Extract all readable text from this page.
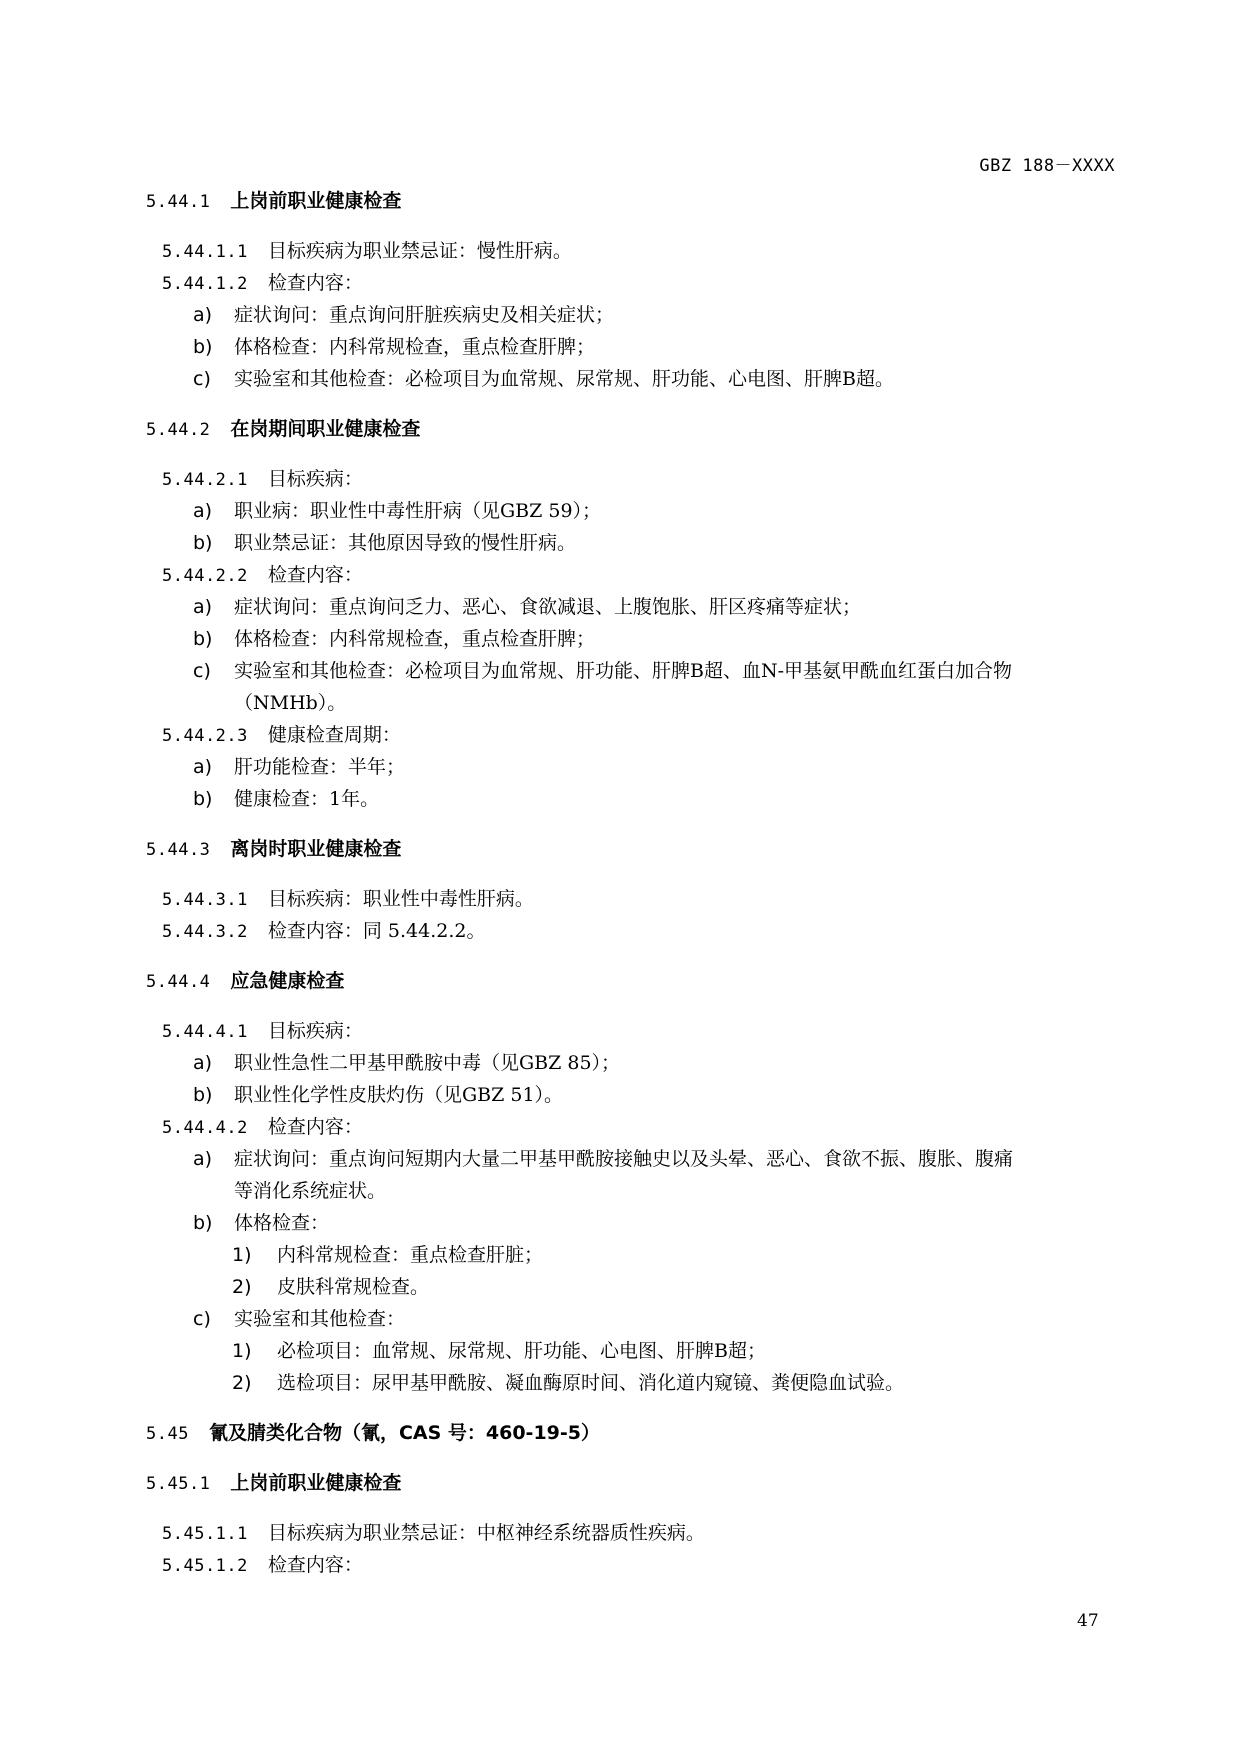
GBZ 188－XXXX
5.44.1 上岗前职业健康检查
5.44.1.1 目标疾病为职业禁忌证：慢性肝病。
5.44.1.2 检查内容：
a) 症状询问：重点询问肝脏疾病史及相关症状；
b) 体格检查：内科常规检查，重点检查肝脾；
c) 实验室和其他检查：必检项目为血常规、尿常规、肝功能、心电图、肝脾B超。
5.44.2 在岗期间职业健康检查
5.44.2.1 目标疾病：
a) 职业病：职业性中毒性肝病（见GBZ 59）；
b) 职业禁忌证：其他原因导致的慢性肝病。
5.44.2.2 检查内容：
a) 症状询问：重点询问乏力、恶心、食欲减退、上腹饱胀、肝区疼痛等症状；
b) 体格检查：内科常规检查，重点检查肝脾；
c) 实验室和其他检查：必检项目为血常规、肝功能、肝脾B超、血N-甲基氨甲酰血红蛋白加合物
（NMHb）。
5.44.2.3 健康检查周期：
a) 肝功能检查：半年；
b) 健康检查：1年。
5.44.3 离岗时职业健康检查
5.44.3.1 目标疾病：职业性中毒性肝病。
5.44.3.2 检查内容：同 5.44.2.2。
5.44.4 应急健康检查
5.44.4.1 目标疾病：
a) 职业性急性二甲基甲酰胺中毒（见GBZ 85）；
b) 职业性化学性皮肤灼伤（见GBZ 51）。
5.44.4.2 检查内容：
a) 症状询问：重点询问短期内大量二甲基甲酰胺接触史以及头晕、恶心、食欲不振、腹胀、腹痛
等消化系统症状。
b) 体格检查：
1) 内科常规检查：重点检查肝脏；
2) 皮肤科常规检查。
c) 实验室和其他检查：
1) 必检项目：血常规、尿常规、肝功能、心电图、肝脾B超；
2) 选检项目：尿甲基甲酰胺、凝血酶原时间、消化道内窥镜、粪便隐血试验。
5.45 氰及腈类化合物（氰，CAS 号：460-19-5）
5.45.1 上岗前职业健康检查
5.45.1.1 目标疾病为职业禁忌证：中枢神经系统器质性疾病。
5.45.1.2 检查内容：
47
